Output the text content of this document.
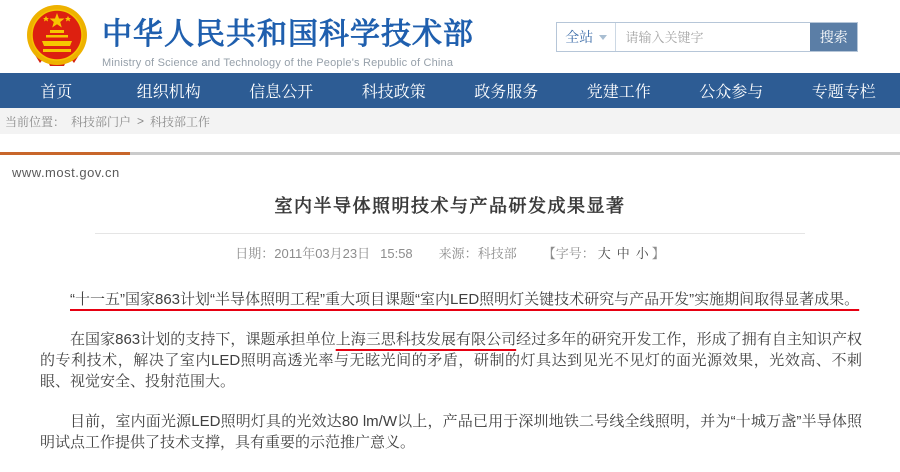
中华人民共和国科学技术部
Ministry of Science and Technology of the People's Republic of China
全站
请输入关键字	搜索
首页	组织机构	信息公开	科技政策	政务服务	党建工作	公众参与	专题专栏
当前位置： 科技部门户 > 科技部工作
www.most.gov.cn
室内半导体照明技术与产品研发成果显著
日期：2011年03月23日 15:58 来源：科技部 【字号： 大 中 小 】

“十一五”国家863计划“半导体照明工程”重大项目课题“室内LED照明灯关键技术研究与产品开发”实施期间取得显著成果。

在国家863计划的支持下，课题承担单位上海三思科技发展有限公司经过多年的研究开发工作，形成了拥有自主知识产权的专利技术，解决了室内LED照明高透光率与无眩光间的矛盾，研制的灯具达到见光不见灯的面光源效果，光效高、不刺眼、视觉安全、投射范围大。

目前，室内面光源LED照明灯具的光效达80 lm/W以上，产品已用于深圳地铁二号线全线照明，并为“十城万盏”半导体照明试点工作提供了技术支撑，具有重要的示范推广意义。
